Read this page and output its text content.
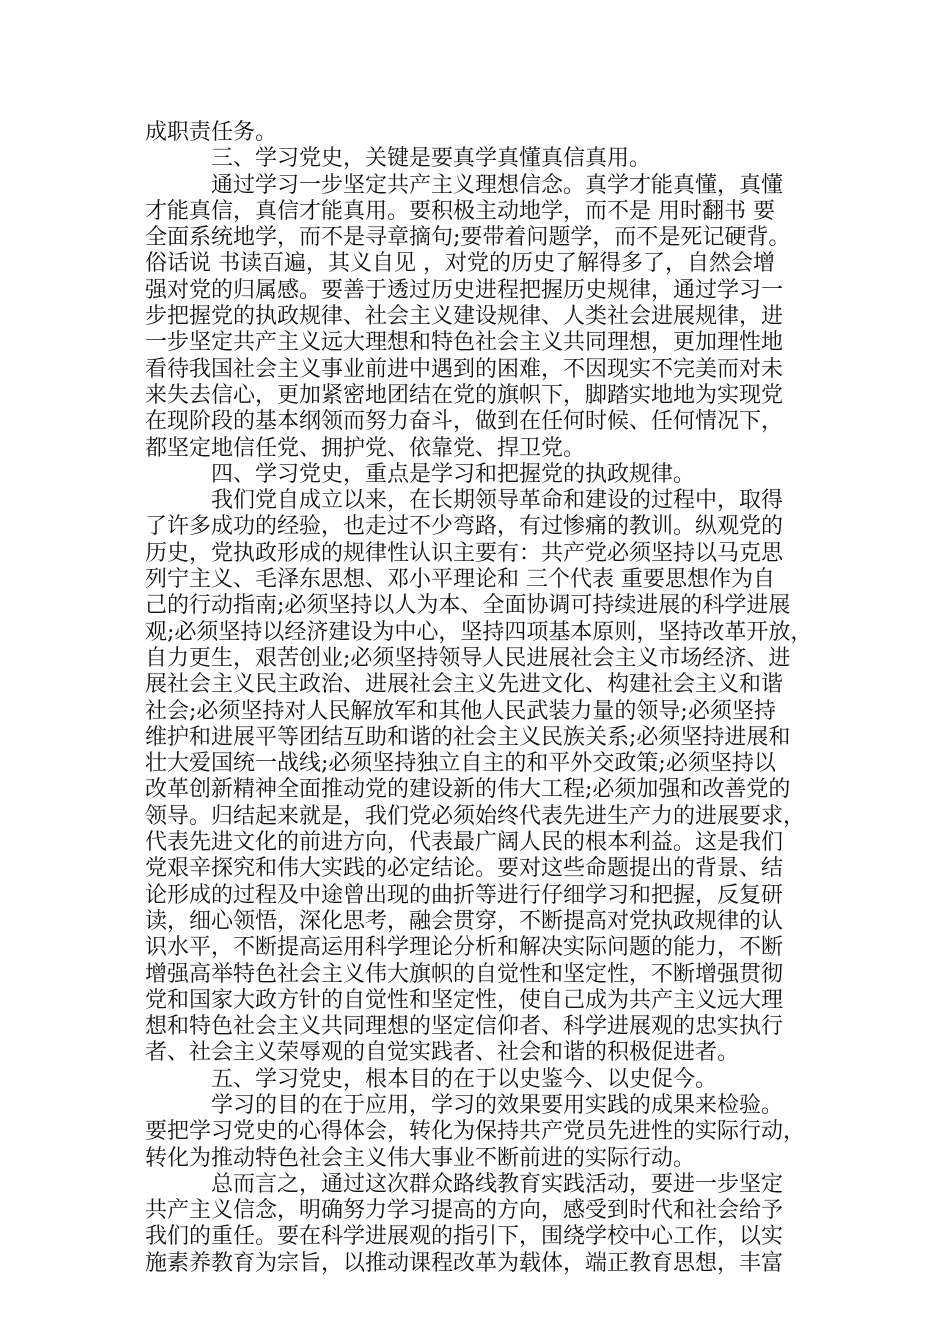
成职责任务。
三、学习党史，关键是要真学真懂真信真用。
通过学习一步坚定共产主义理想信念。真学才能真懂，真懂
才能真信，真信才能真用。要积极主动地学，而不是 用时翻书 要
全面系统地学，而不是寻章摘句;要带着问题学，而不是死记硬背。
俗话说 书读百遍，其义自见 ，对党的历史了解得多了，自然会增
强对党的归属感。要善于透过历史进程把握历史规律，通过学习一
步把握党的执政规律、社会主义建设规律、人类社会进展规律，进
一步坚定共产主义远大理想和特色社会主义共同理想，更加理性地
看待我国社会主义事业前进中遇到的困难，不因现实不完美而对未
来失去信心，更加紧密地团结在党的旗帜下，脚踏实地地为实现党
在现阶段的基本纲领而努力奋斗，做到在任何时候、任何情况下，
都坚定地信任党、拥护党、依靠党、捍卫党。
四、学习党史，重点是学习和把握党的执政规律。
我们党自成立以来，在长期领导革命和建设的过程中，取得
了许多成功的经验，也走过不少弯路，有过惨痛的教训。纵观党的
历史，党执政形成的规律性认识主要有：共产党必须坚持以马克思
列宁主义、毛泽东思想、邓小平理论和 三个代表 重要思想作为自
己的行动指南;必须坚持以人为本、全面协调可持续进展的科学进展
观;必须坚持以经济建设为中心，坚持四项基本原则，坚持改革开放，
自力更生，艰苦创业;必须坚持领导人民进展社会主义市场经济、进
展社会主义民主政治、进展社会主义先进文化、构建社会主义和谐
社会;必须坚持对人民解放军和其他人民武装力量的领导;必须坚持
维护和进展平等团结互助和谐的社会主义民族关系;必须坚持进展和
壮大爱国统一战线;必须坚持独立自主的和平外交政策;必须坚持以
改革创新精神全面推动党的建设新的伟大工程;必须加强和改善党的
领导。归结起来就是，我们党必须始终代表先进生产力的进展要求，
代表先进文化的前进方向，代表最广阔人民的根本利益。这是我们
党艰辛探究和伟大实践的必定结论。要对这些命题提出的背景、结
论形成的过程及中途曾出现的曲折等进行仔细学习和把握，反复研
读，细心领悟，深化思考，融会贯穿，不断提高对党执政规律的认
识水平，不断提高运用科学理论分析和解决实际问题的能力，不断
增强高举特色社会主义伟大旗帜的自觉性和坚定性，不断增强贯彻
党和国家大政方针的自觉性和坚定性，使自己成为共产主义远大理
想和特色社会主义共同理想的坚定信仰者、科学进展观的忠实执行
者、社会主义荣辱观的自觉实践者、社会和谐的积极促进者。
五、学习党史，根本目的在于以史鉴今、以史促今。
学习的目的在于应用，学习的效果要用实践的成果来检验。
要把学习党史的心得体会，转化为保持共产党员先进性的实际行动，
转化为推动特色社会主义伟大事业不断前进的实际行动。
总而言之，通过这次群众路线教育实践活动，要进一步坚定
共产主义信念，明确努力学习提高的方向，感受到时代和社会给予
我们的重任。要在科学进展观的指引下，围绕学校中心工作，以实
施素养教育为宗旨，以推动课程改革为载体，端正教育思想，丰富
